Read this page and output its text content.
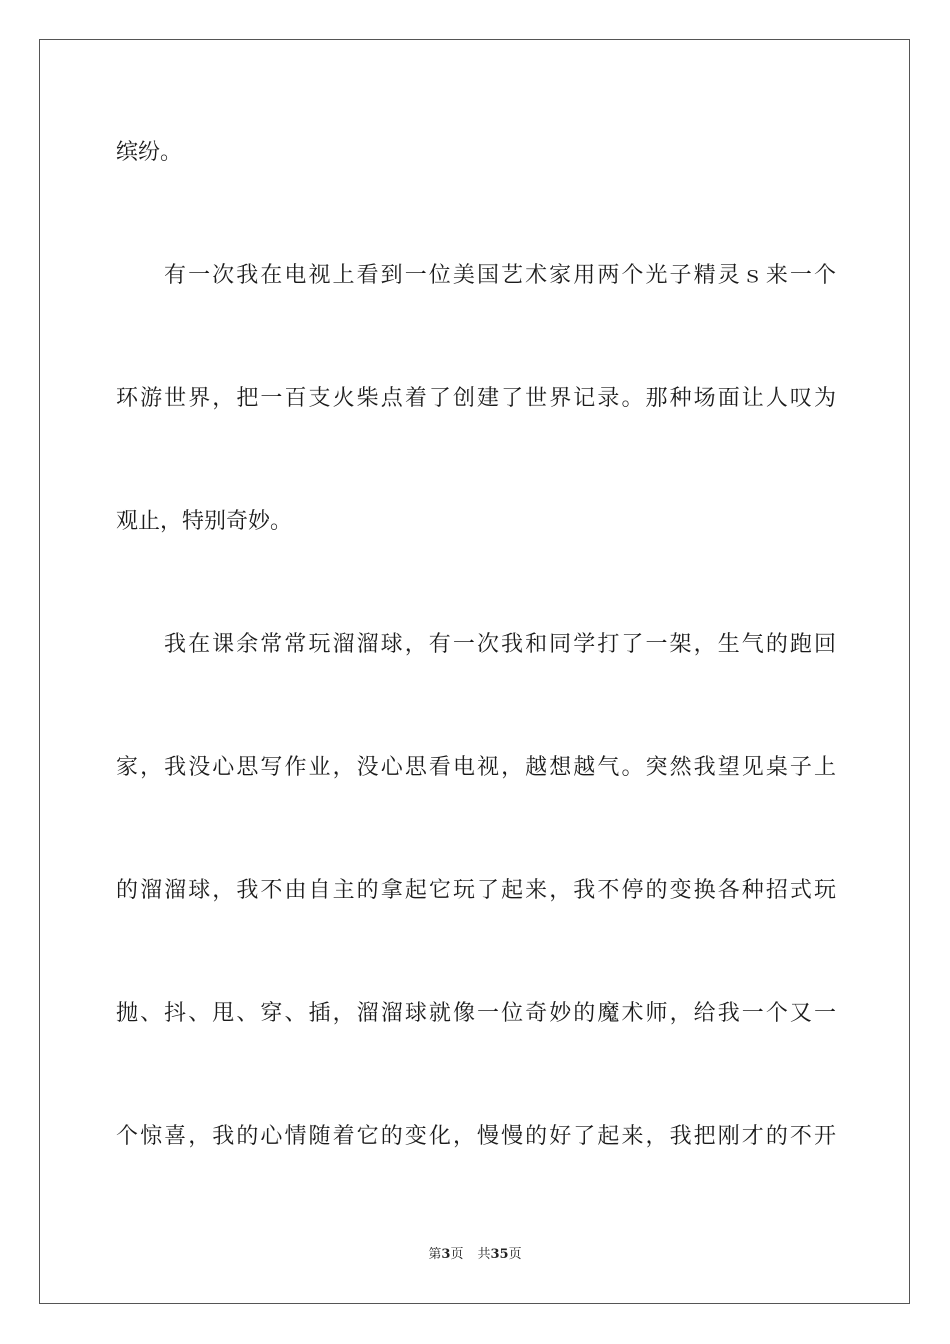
缤纷。
有一次我在电视上看到一位美国艺术家用两个光子精灵ｓ来一个
环游世界，把一百支火柴点着了创建了世界记录。那种场面让人叹为
观止，特别奇妙。
我在课余常常玩溜溜球，有一次我和同学打了一架，生气的跑回
家，我没心思写作业，没心思看电视，越想越气。突然我望见桌子上
的溜溜球，我不由自主的拿起它玩了起来，我不停的变换各种招式玩
抛、抖、甩、穿、插，溜溜球就像一位奇妙的魔术师，给我一个又一
个惊喜，我的心情随着它的变化，慢慢的好了起来，我把刚才的不开
第3页 共35页
